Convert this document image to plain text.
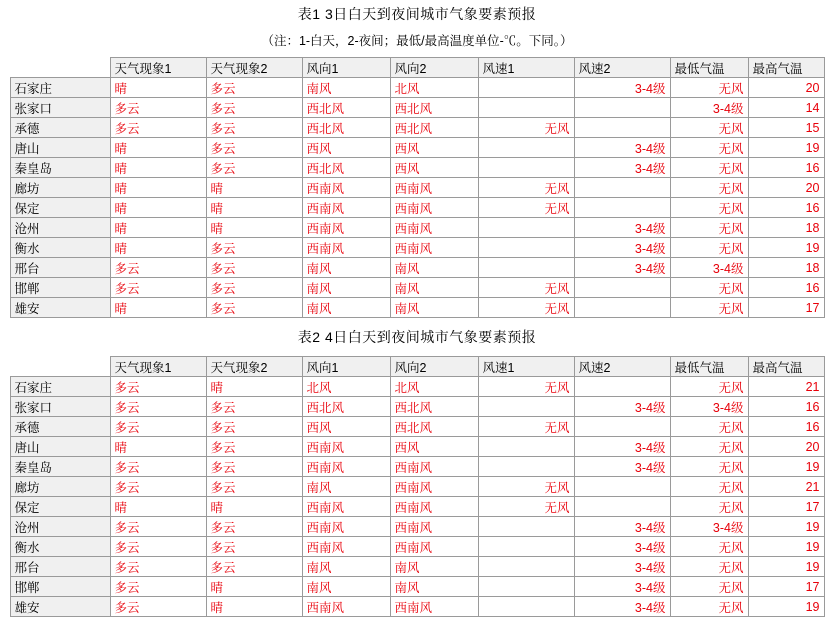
表1 3日白天到夜间城市气象要素预报
（注：1-白天，2-夜间；最低/最高温度单位-℃。下同。）
	天气现象1	天气现象2	风向1	风向2	风速1	风速2	最低气温	最高气温
石家庄	晴	多云	南风	北风		3-4级	无风	20
张家口	多云	多云	西北风	西北风			3-4级	14
承德	多云	多云	西北风	西北风	无风		无风	15
唐山	晴	多云	西风	西风		3-4级	无风	19
秦皇岛	晴	多云	西北风	西风		3-4级	无风	16
廊坊	晴	晴	西南风	西南风	无风		无风	20
保定	晴	晴	西南风	西南风	无风		无风	16
沧州	晴	晴	西南风	西南风		3-4级	无风	18
衡水	晴	多云	西南风	西南风		3-4级	无风	19
邢台	多云	多云	南风	南风		3-4级	3-4级	18
邯郸	多云	多云	南风	南风	无风		无风	16
雄安	晴	多云	南风	南风	无风		无风	17
表2 4日白天到夜间城市气象要素预报
	天气现象1	天气现象2	风向1	风向2	风速1	风速2	最低气温	最高气温
石家庄	多云	晴	北风	北风	无风		无风	21
张家口	多云	多云	西北风	西北风		3-4级	3-4级	16
承德	多云	多云	西风	西北风	无风		无风	16
唐山	晴	多云	西南风	西风		3-4级	无风	20
秦皇岛	多云	多云	西南风	西南风		3-4级	无风	19
廊坊	多云	多云	南风	西南风	无风		无风	21
保定	晴	晴	西南风	西南风	无风		无风	17
沧州	多云	多云	西南风	西南风		3-4级	3-4级	19
衡水	多云	多云	西南风	西南风		3-4级	无风	19
邢台	多云	多云	南风	南风		3-4级	无风	19
邯郸	多云	晴	南风	南风		3-4级	无风	17
雄安	多云	晴	西南风	西南风		3-4级	无风	19
